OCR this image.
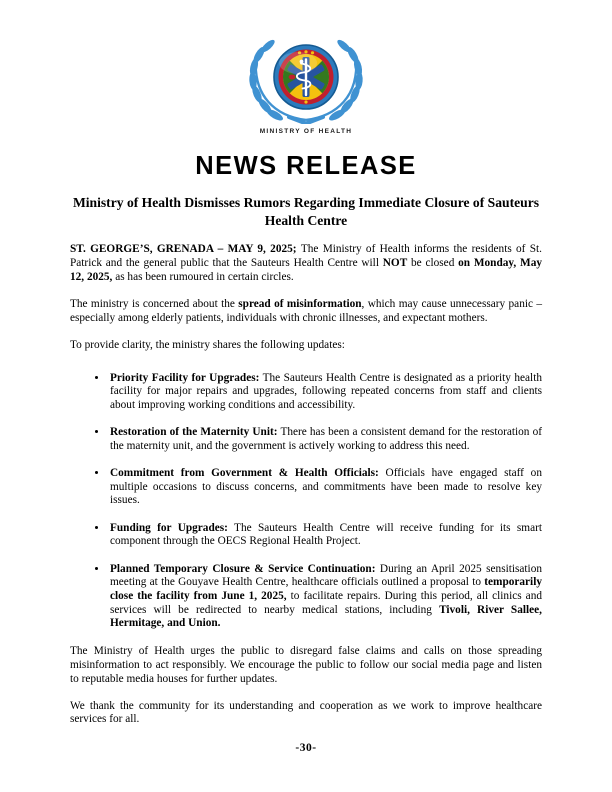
MINISTRY OF HEALTH
NEWS RELEASE
Ministry of Health Dismisses Rumors Regarding Immediate Closure of Sauteurs Health Centre

ST. GEORGE’S, GRENADA – MAY 9, 2025; The Ministry of Health informs the residents of St. Patrick and the general public that the Sauteurs Health Centre will NOT be closed on Monday, May 12, 2025, as has been rumoured in certain circles.

The ministry is concerned about the spread of misinformation, which may cause unnecessary panic – especially among elderly patients, individuals with chronic illnesses, and expectant mothers.

To provide clarity, the ministry shares the following updates:

• Priority Facility for Upgrades: The Sauteurs Health Centre is designated as a priority health facility for major repairs and upgrades, following repeated concerns from staff and clients about improving working conditions and accessibility.
• Restoration of the Maternity Unit: There has been a consistent demand for the restoration of the maternity unit, and the government is actively working to address this need.
• Commitment from Government & Health Officials: Officials have engaged staff on multiple occasions to discuss concerns, and commitments have been made to resolve key issues.
• Funding for Upgrades: The Sauteurs Health Centre will receive funding for its smart component through the OECS Regional Health Project.
• Planned Temporary Closure & Service Continuation: During an April 2025 sensitisation meeting at the Gouyave Health Centre, healthcare officials outlined a proposal to temporarily close the facility from June 1, 2025, to facilitate repairs. During this period, all clinics and services will be redirected to nearby medical stations, including Tivoli, River Sallee, Hermitage, and Union.

The Ministry of Health urges the public to disregard false claims and calls on those spreading misinformation to act responsibly. We encourage the public to follow our social media page and listen to reputable media houses for further updates.

We thank the community for its understanding and cooperation as we work to improve healthcare services for all.

-30-
